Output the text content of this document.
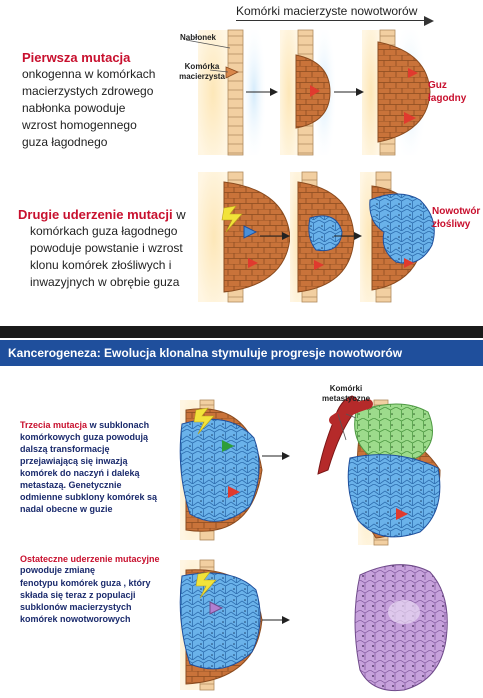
Komórki macierzyste nowotworów
Nabłonek
Komórka macierzysta
Guz łagodny
Pierwsza mutacja
onkogenna w komórkach
macierzystych zdrowego
nabłonka powoduje
wzrost homogennego
guza łagodnego
Nowotwór złośliwy
Drugie uderzenie mutacji w
komórkach guza łagodnego
powoduje powstanie i wzrost
klonu komórek złośliwych i
inwazyjnych w obrębie guza
Kancerogeneza: Ewolucja klonalna stymuluje progresje nowotworów
Komórki metastyczne
Trzecia mutacja w subklonach
komórkowych guza powodują
dalszą transformację
przejawiającą się inwazją
komórek do naczyń i daleką
metastazą. Genetycznie
odmienne subklony komórek są
nadal obecne w guzie
Ostateczne uderzenie mutacyjne powoduje zmianę
fenotypu komórek guza , który
składa się teraz z populacji
subklonów macierzystych
komórek nowotworowych
